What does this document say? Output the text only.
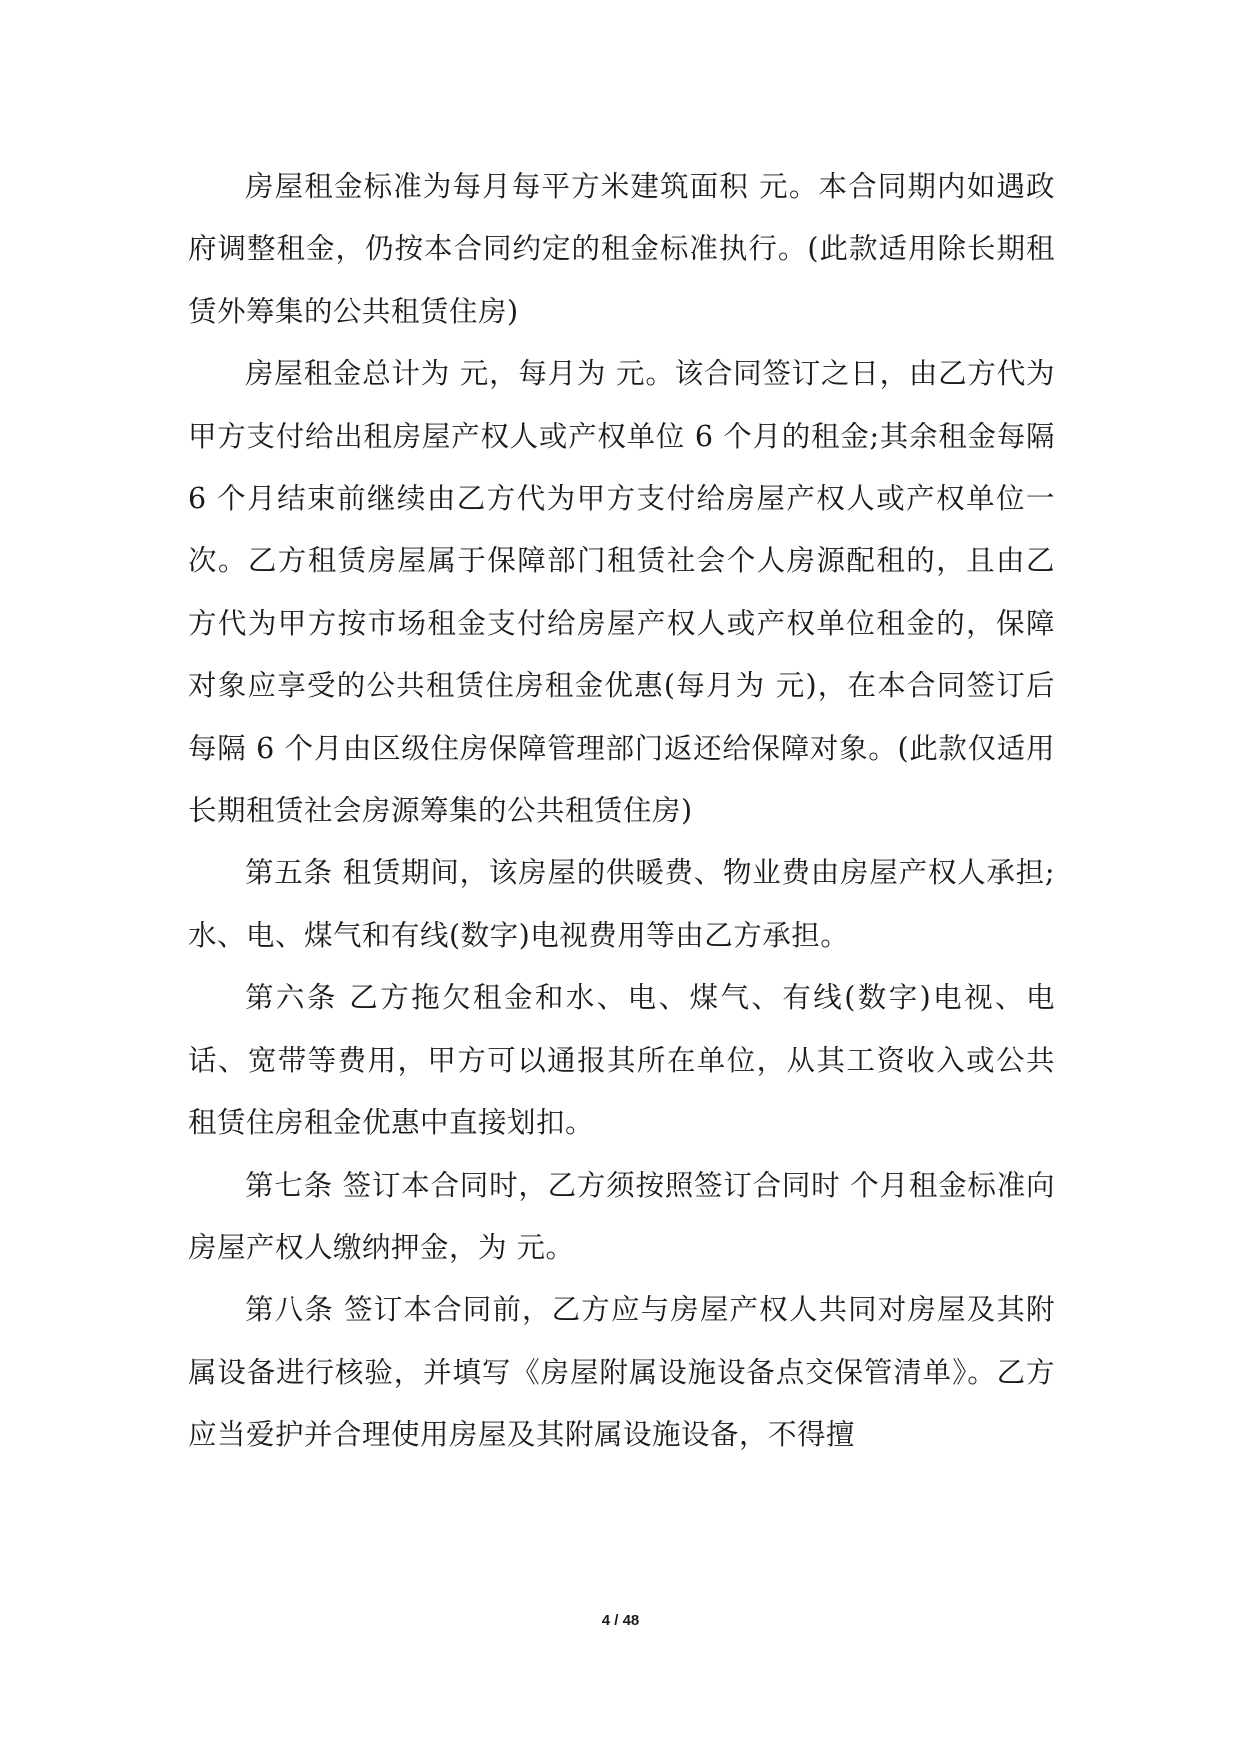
房屋租金标准为每月每平方米建筑面积 元。本合同期内如遇政府调整租金，仍按本合同约定的租金标准执行。(此款适用除长期租赁外筹集的公共租赁住房)

房屋租金总计为 元，每月为 元。该合同签订之日，由乙方代为甲方支付给出租房屋产权人或产权单位 6 个月的租金;其余租金每隔 6 个月结束前继续由乙方代为甲方支付给房屋产权人或产权单位一次。乙方租赁房屋属于保障部门租赁社会个人房源配租的，且由乙方代为甲方按市场租金支付给房屋产权人或产权单位租金的，保障对象应享受的公共租赁住房租金优惠(每月为 元)，在本合同签订后每隔 6 个月由区级住房保障管理部门返还给保障对象。(此款仅适用长期租赁社会房源筹集的公共租赁住房)

第五条 租赁期间，该房屋的供暖费、物业费由房屋产权人承担;水、电、煤气和有线(数字)电视费用等由乙方承担。

第六条 乙方拖欠租金和水、电、煤气、有线(数字)电视、电话、宽带等费用，甲方可以通报其所在单位，从其工资收入或公共租赁住房租金优惠中直接划扣。

第七条 签订本合同时，乙方须按照签订合同时 个月租金标准向房屋产权人缴纳押金，为 元。

第八条 签订本合同前，乙方应与房屋产权人共同对房屋及其附属设备进行核验，并填写《房屋附属设施设备点交保管清单》。乙方应当爱护并合理使用房屋及其附属设施设备，不得擅

4 / 48
